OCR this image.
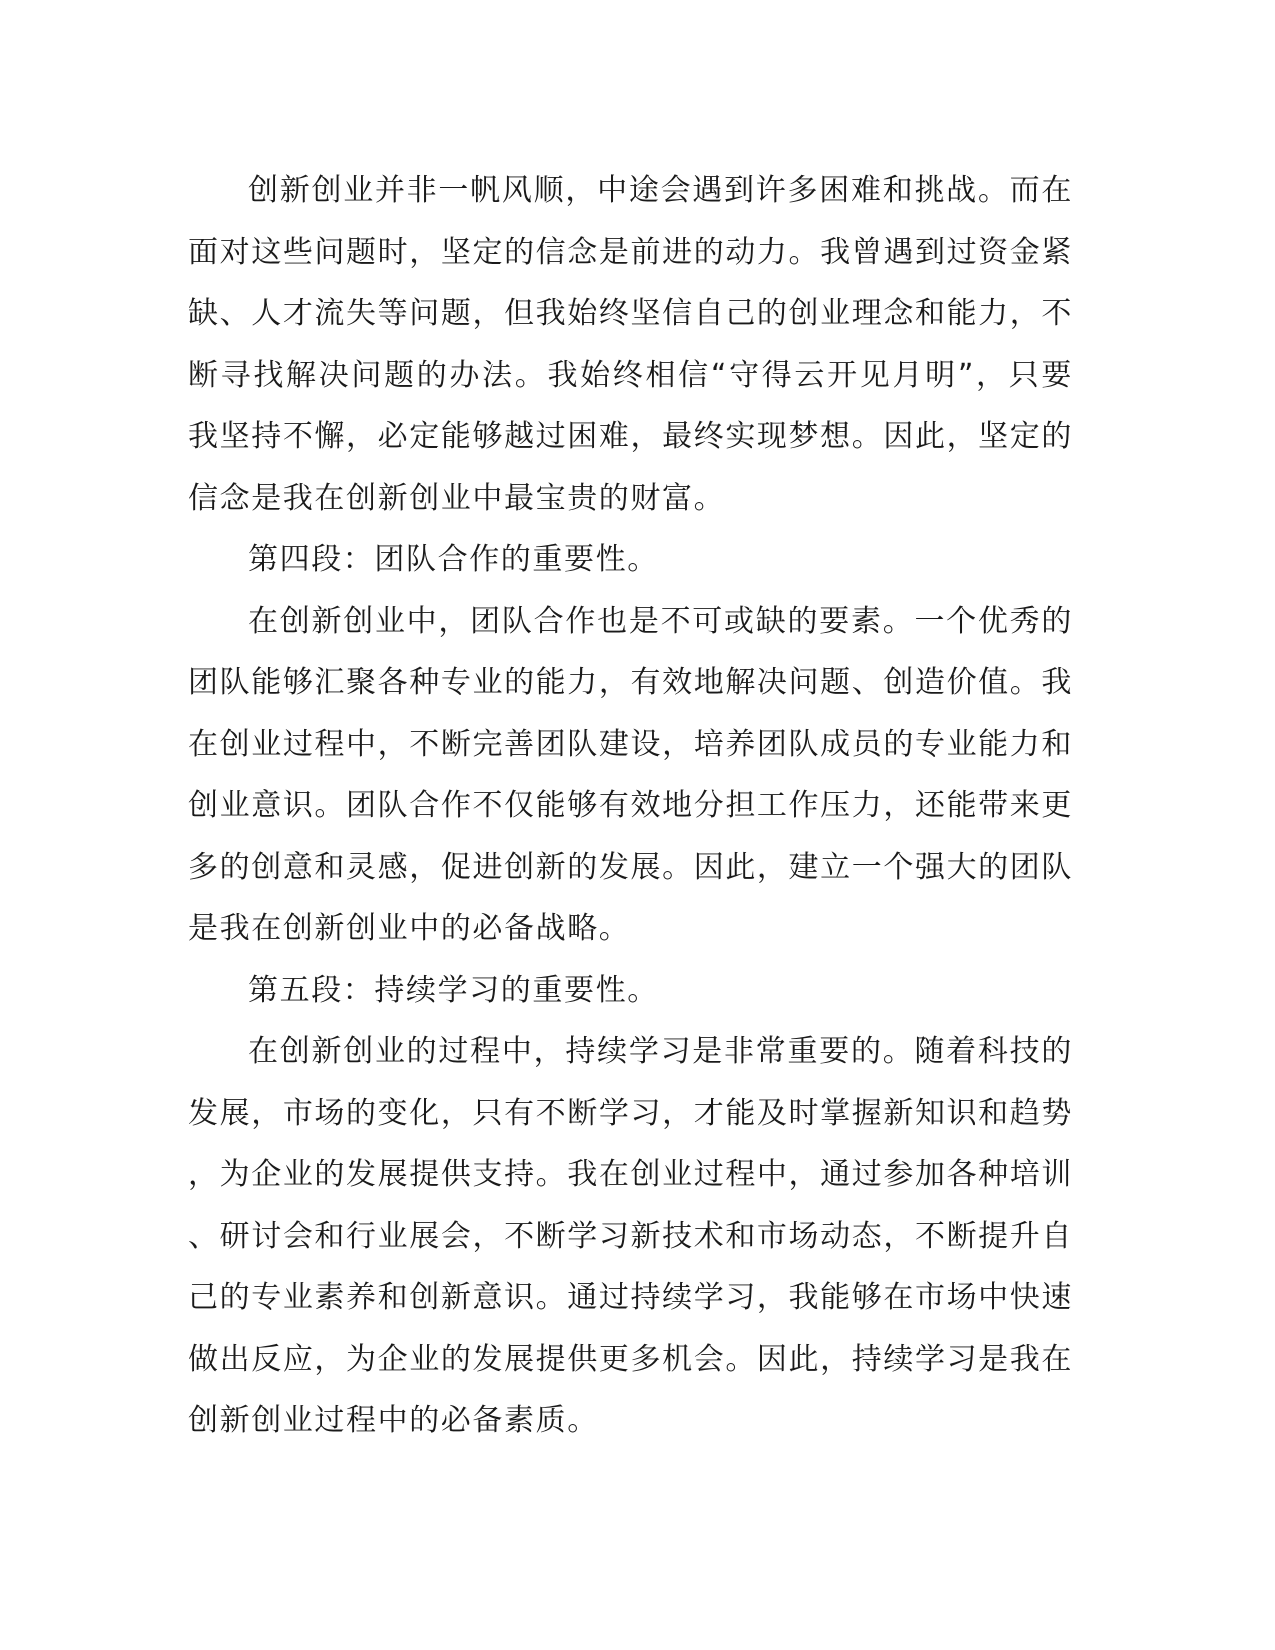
创新创业并非一帆风顺，中途会遇到许多困难和挑战。而在面对这些问题时，坚定的信念是前进的动力。我曾遇到过资金紧缺、人才流失等问题，但我始终坚信自己的创业理念和能力，不断寻找解决问题的办法。我始终相信“守得云开见月明”，只要我坚持不懈，必定能够越过困难，最终实现梦想。因此，坚定的信念是我在创新创业中最宝贵的财富。

第四段：团队合作的重要性。

在创新创业中，团队合作也是不可或缺的要素。一个优秀的团队能够汇聚各种专业的能力，有效地解决问题、创造价值。我在创业过程中，不断完善团队建设，培养团队成员的专业能力和创业意识。团队合作不仅能够有效地分担工作压力，还能带来更多的创意和灵感，促进创新的发展。因此，建立一个强大的团队是我在创新创业中的必备战略。

第五段：持续学习的重要性。

在创新创业的过程中，持续学习是非常重要的。随着科技的发展，市场的变化，只有不断学习，才能及时掌握新知识和趋势，为企业的发展提供支持。我在创业过程中，通过参加各种培训、研讨会和行业展会，不断学习新技术和市场动态，不断提升自己的专业素养和创新意识。通过持续学习，我能够在市场中快速做出反应，为企业的发展提供更多机会。因此，持续学习是我在创新创业过程中的必备素质。
